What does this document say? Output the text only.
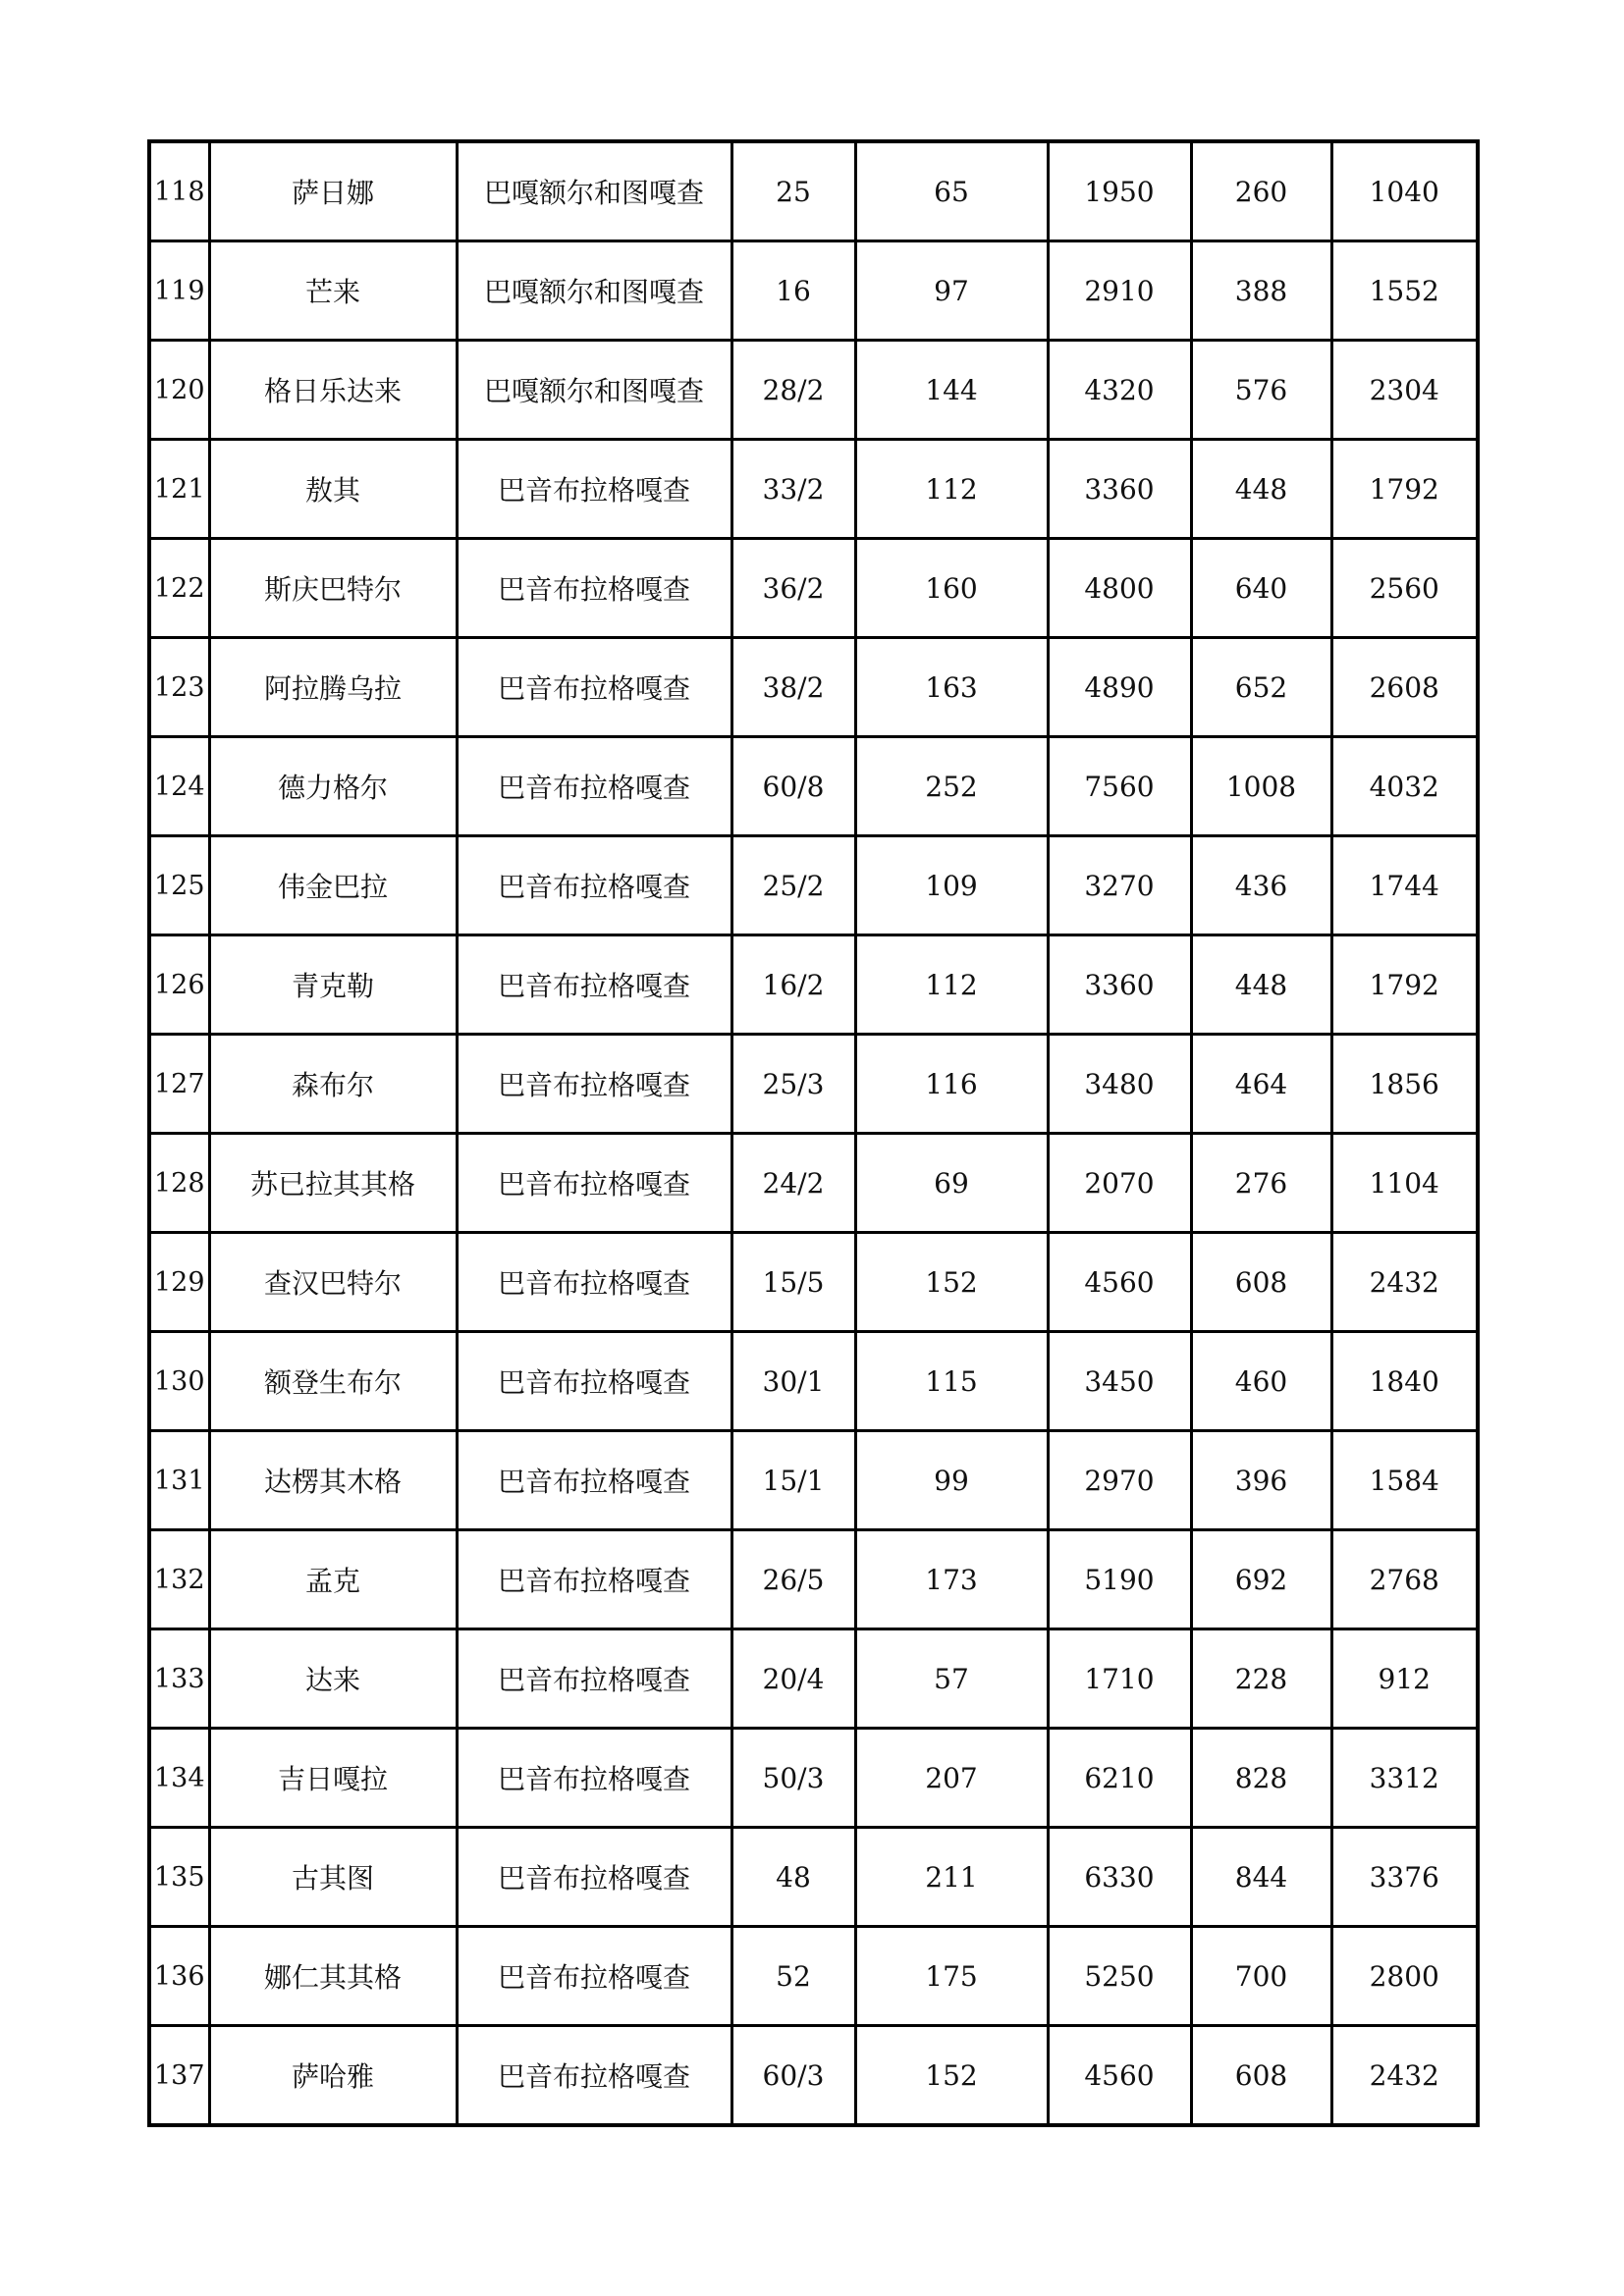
118	萨日娜	巴嘎额尔和图嘎查	25	65	1950	260	1040
119	芒来	巴嘎额尔和图嘎查	16	97	2910	388	1552
120	格日乐达来	巴嘎额尔和图嘎查	28/2	144	4320	576	2304
121	敖其	巴音布拉格嘎查	33/2	112	3360	448	1792
122	斯庆巴特尔	巴音布拉格嘎查	36/2	160	4800	640	2560
123	阿拉腾乌拉	巴音布拉格嘎查	38/2	163	4890	652	2608
124	德力格尔	巴音布拉格嘎查	60/8	252	7560	1008	4032
125	伟金巴拉	巴音布拉格嘎查	25/2	109	3270	436	1744
126	青克勒	巴音布拉格嘎查	16/2	112	3360	448	1792
127	森布尔	巴音布拉格嘎查	25/3	116	3480	464	1856
128	苏已拉其其格	巴音布拉格嘎查	24/2	69	2070	276	1104
129	查汉巴特尔	巴音布拉格嘎查	15/5	152	4560	608	2432
130	额登生布尔	巴音布拉格嘎查	30/1	115	3450	460	1840
131	达楞其木格	巴音布拉格嘎查	15/1	99	2970	396	1584
132	孟克	巴音布拉格嘎查	26/5	173	5190	692	2768
133	达来	巴音布拉格嘎查	20/4	57	1710	228	912
134	吉日嘎拉	巴音布拉格嘎查	50/3	207	6210	828	3312
135	古其图	巴音布拉格嘎查	48	211	6330	844	3376
136	娜仁其其格	巴音布拉格嘎查	52	175	5250	700	2800
137	萨哈雅	巴音布拉格嘎查	60/3	152	4560	608	2432
